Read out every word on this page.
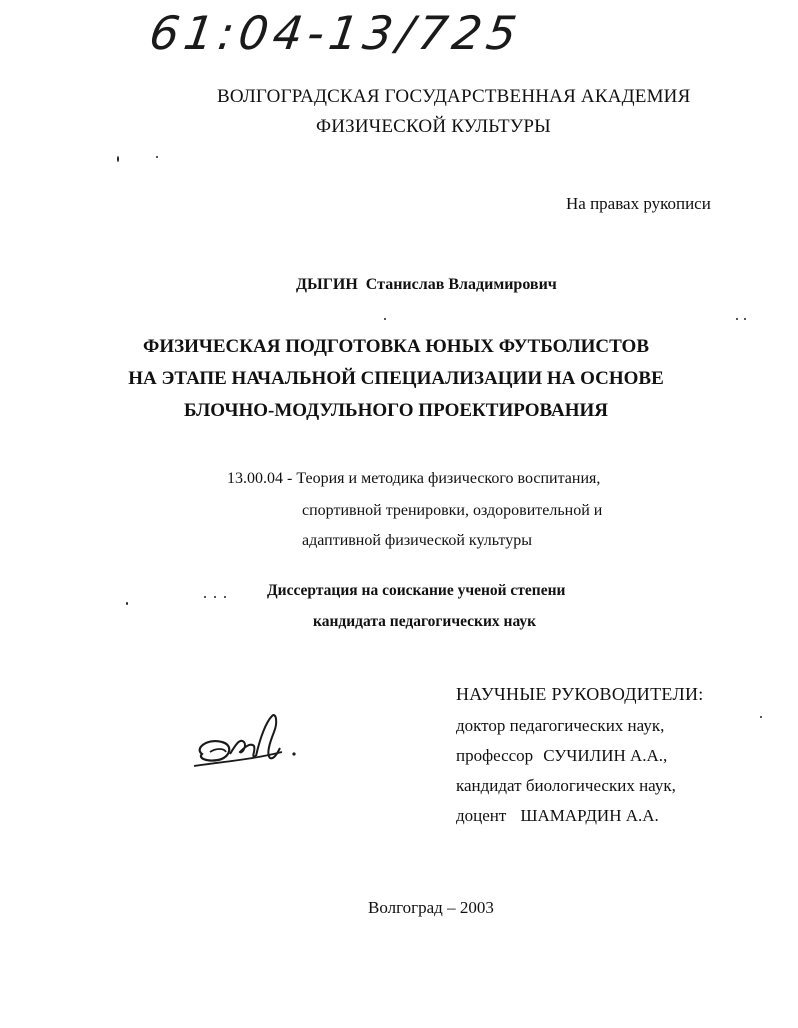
61:04-13/725
ВОЛГОГРАДСКАЯ ГОСУДАРСТВЕННАЯ АКАДЕМИЯ
ФИЗИЧЕСКОЙ КУЛЬТУРЫ
На правах рукописи
ДЫГИН Станислав Владимирович
ФИЗИЧЕСКАЯ ПОДГОТОВКА ЮНЫХ ФУТБОЛИСТОВ
НА ЭТАПЕ НАЧАЛЬНОЙ СПЕЦИАЛИЗАЦИИ НА ОСНОВЕ
БЛОЧНО-МОДУЛЬНОГО ПРОЕКТИРОВАНИЯ
13.00.04 - Теория и методика физического воспитания,
спортивной тренировки, оздоровительной и
адаптивной физической культуры
Диссертация на соискание ученой степени
кандидата педагогических наук
НАУЧНЫЕ РУКОВОДИТЕЛИ:
доктор педагогических наук,
профессор СУЧИЛИН А.А.,
кандидат биологических наук,
доцент ШАМАРДИН А.А.
Волгоград – 2003
